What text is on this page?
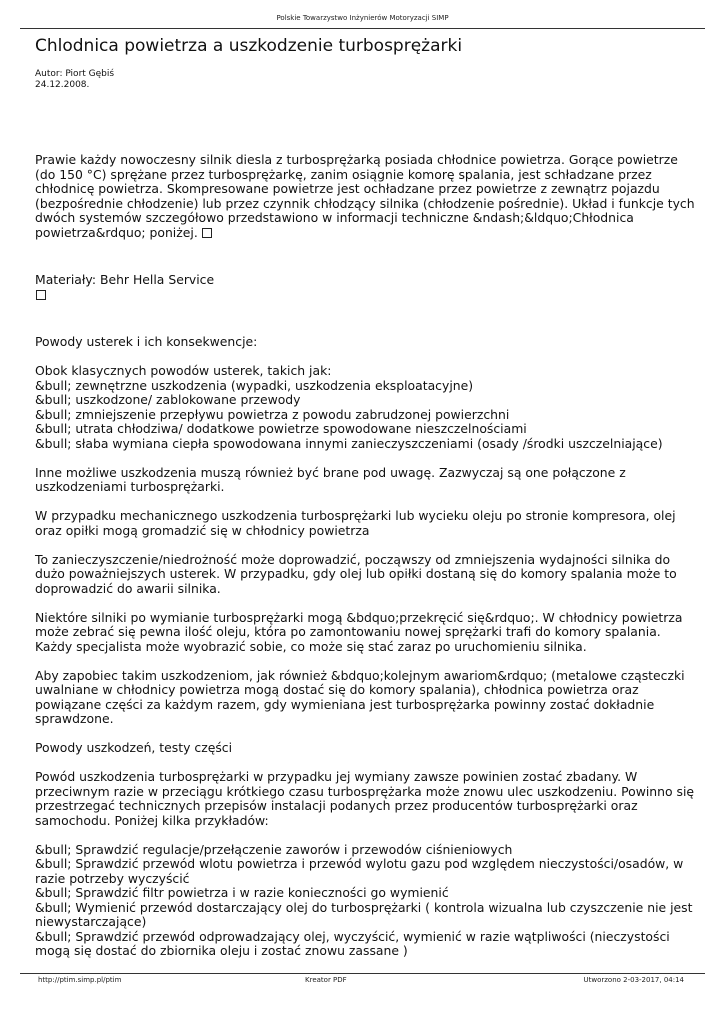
Polskie Towarzystwo Inżynierów Motoryzacji SIMP
Chlodnica powietrza a uszkodzenie turbosprężarki
Autor: Piort Gębiś
24.12.2008.

Prawie każdy nowoczesny silnik diesla z turbosprężarką posiada chłodnice powietrza. Gorące powietrze (do 150 °C) sprężane przez turbosprężarkę, zanim osiągnie komorę spalania, jest schładzane przez chłodnicę powietrza. Skompresowane powietrze jest ochładzane przez powietrze z zewnątrz pojazdu (bezpośrednie chłodzenie) lub przez czynnik chłodzący silnika (chłodzenie pośrednie). Układ i funkcje tych dwóch systemów szczegółowo przedstawiono w informacji techniczne &ndash;&ldquo;Chłodnica powietrza&rdquo; poniżej.

Materiały: Behr Hella Service

Powody usterek i ich konsekwencje:

Obok klasycznych powodów usterek, takich jak:

&bull; zewnętrzne uszkodzenia (wypadki, uszkodzenia eksploatacyjne)

&bull; uszkodzone/ zablokowane przewody

&bull; zmniejszenie przepływu powietrza z powodu zabrudzonej powierzchni

&bull; utrata chłodziwa/ dodatkowe powietrze spowodowane nieszczelnościami

&bull; słaba wymiana ciepła spowodowana innymi zanieczyszczeniami (osady /środki uszczelniające)

Inne możliwe uszkodzenia muszą również być brane pod uwagę. Zazwyczaj są one połączone z uszkodzeniami turbosprężarki.

W przypadku mechanicznego uszkodzenia turbosprężarki lub wycieku oleju po stronie kompresora, olej oraz opiłki mogą gromadzić się w chłodnicy powietrza

To zanieczyszczenie/niedrożność może doprowadzić, począwszy od zmniejszenia wydajności silnika do dużo poważniejszych usterek. W przypadku, gdy olej lub opiłki dostaną się do komory spalania może to doprowadzić do awarii silnika.

Niektóre silniki po wymianie turbosprężarki mogą &bdquo;przekręcić się&rdquo;. W chłodnicy powietrza może zebrać się pewna ilość oleju, która po zamontowaniu nowej sprężarki trafi do komory spalania. Każdy specjalista może wyobrazić sobie, co może się stać zaraz po uruchomieniu silnika.

Aby zapobiec takim uszkodzeniom, jak również &bdquo;kolejnym awariom&rdquo; (metalowe cząsteczki uwalniane w chłodnicy powietrza mogą dostać się do komory spalania), chłodnica powietrza oraz powiązane części za każdym razem, gdy wymieniana jest turbosprężarka powinny zostać dokładnie sprawdzone.

Powody uszkodzeń, testy części

Powód uszkodzenia turbosprężarki w przypadku jej wymiany zawsze powinien zostać zbadany. W przeciwnym razie w przeciągu krótkiego czasu turbosprężarka może znowu ulec uszkodzeniu. Powinno się przestrzegać technicznych przepisów instalacji podanych przez producentów turbosprężarki oraz samochodu. Poniżej kilka przykładów:

&bull; Sprawdzić regulacje/przełączenie zaworów i przewodów ciśnieniowych

&bull; Sprawdzić przewód wlotu powietrza i przewód wylotu gazu pod względem nieczystości/osadów, w razie potrzeby wyczyścić

&bull; Sprawdzić filtr powietrza i w razie konieczności go wymienić

&bull; Wymienić przewód dostarczający olej do turbosprężarki ( kontrola wizualna lub czyszczenie nie jest niewystarczające)

&bull; Sprawdzić przewód odprowadzający olej, wyczyścić, wymienić w razie wątpliwości (nieczystości mogą się dostać do zbiornika oleju i zostać znowu zassane )

http://ptim.simp.pl/ptim	Kreator PDF	Utworzono 2-03-2017, 04:14
